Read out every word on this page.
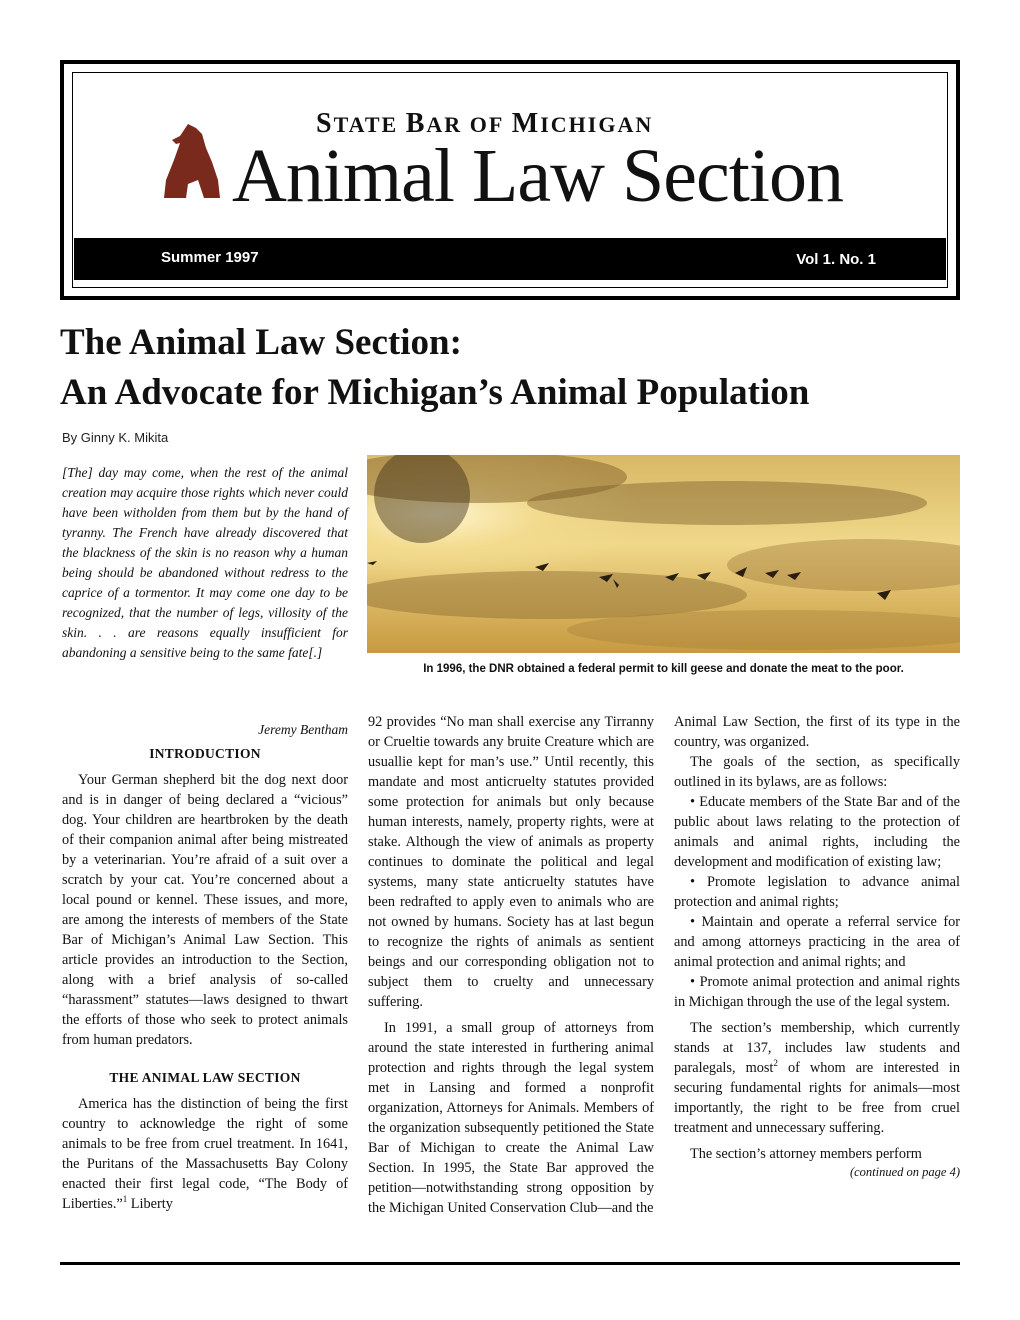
STATE BAR OF MICHIGAN
Animal Law Section
Summer 1997	Vol 1. No. 1
The Animal Law Section:
An Advocate for Michigan’s Animal Population
By Ginny K. Mikita
[The] day may come, when the rest of the animal creation may acquire those rights which never could have been witholden from them but by the hand of tyranny. The French have already discovered that the blackness of the skin is no reason why a human being should be abandoned without redress to the caprice of a tormentor. It may come one day to be recognized, that the number of legs, villosity of the skin. . . are reasons equally insufficient for abandoning a sensitive being to the same fate[.]
Jeremy Bentham
In 1996, the DNR obtained a federal permit to kill geese and donate the meat to the poor.
INTRODUCTION

Your German shepherd bit the dog next door and is in danger of being declared a “vicious” dog. Your children are heartbroken by the death of their companion animal after being mistreated by a veterinarian. You’re afraid of a suit over a scratch by your cat. You’re concerned about a local pound or kennel. These issues, and more, are among the interests of members of the State Bar of Michigan’s Animal Law Section. This article provides an introduction to the Section, along with a brief analysis of so-called “harassment” statutes—laws designed to thwart the efforts of those who seek to protect animals from human predators.

THE ANIMAL LAW SECTION

America has the distinction of being the first country to acknowledge the right of some animals to be free from cruel treatment. In 1641, the Puritans of the Massachusetts Bay Colony enacted their first legal code, “The Body of Liberties.”$^1$ Liberty

92 provides “No man shall exercise any Tirranny or Crueltie towards any bruite Creature which are usuallie kept for man’s use.” Until recently, this mandate and most anticruelty statutes provided some protection for animals but only because human interests, namely, property rights, were at stake. Although the view of animals as property continues to dominate the political and legal systems, many state anticruelty statutes have been redrafted to apply even to animals who are not owned by humans. Society has at last begun to recognize the rights of animals as sentient beings and our corresponding obligation not to subject them to cruelty and unnecessary suffering.

In 1991, a small group of attorneys from around the state interested in furthering animal protection and rights through the legal system met in Lansing and formed a nonprofit organization, Attorneys for Animals. Members of the organization subsequently petitioned the State Bar of Michigan to create the Animal Law Section. In 1995, the State Bar approved the petition—notwithstanding strong opposition by the Michigan United Conservation Club—and the

Animal Law Section, the first of its type in the country, was organized.

The goals of the section, as specifically outlined in its bylaws, are as follows:

• Educate members of the State Bar and of the public about laws relating to the protection of animals and animal rights, including the development and modification of existing law;

• Promote legislation to advance animal protection and animal rights;

• Maintain and operate a referral service for and among attorneys practicing in the area of animal protection and animal rights; and

• Promote animal protection and animal rights in Michigan through the use of the legal system.

The section’s membership, which currently stands at 137, includes law students and paralegals, most$^2$ of whom are interested in securing fundamental rights for animals—most importantly, the right to be free from cruel treatment and unnecessary suffering.

The section’s attorney members perform

(continued on page 4)
